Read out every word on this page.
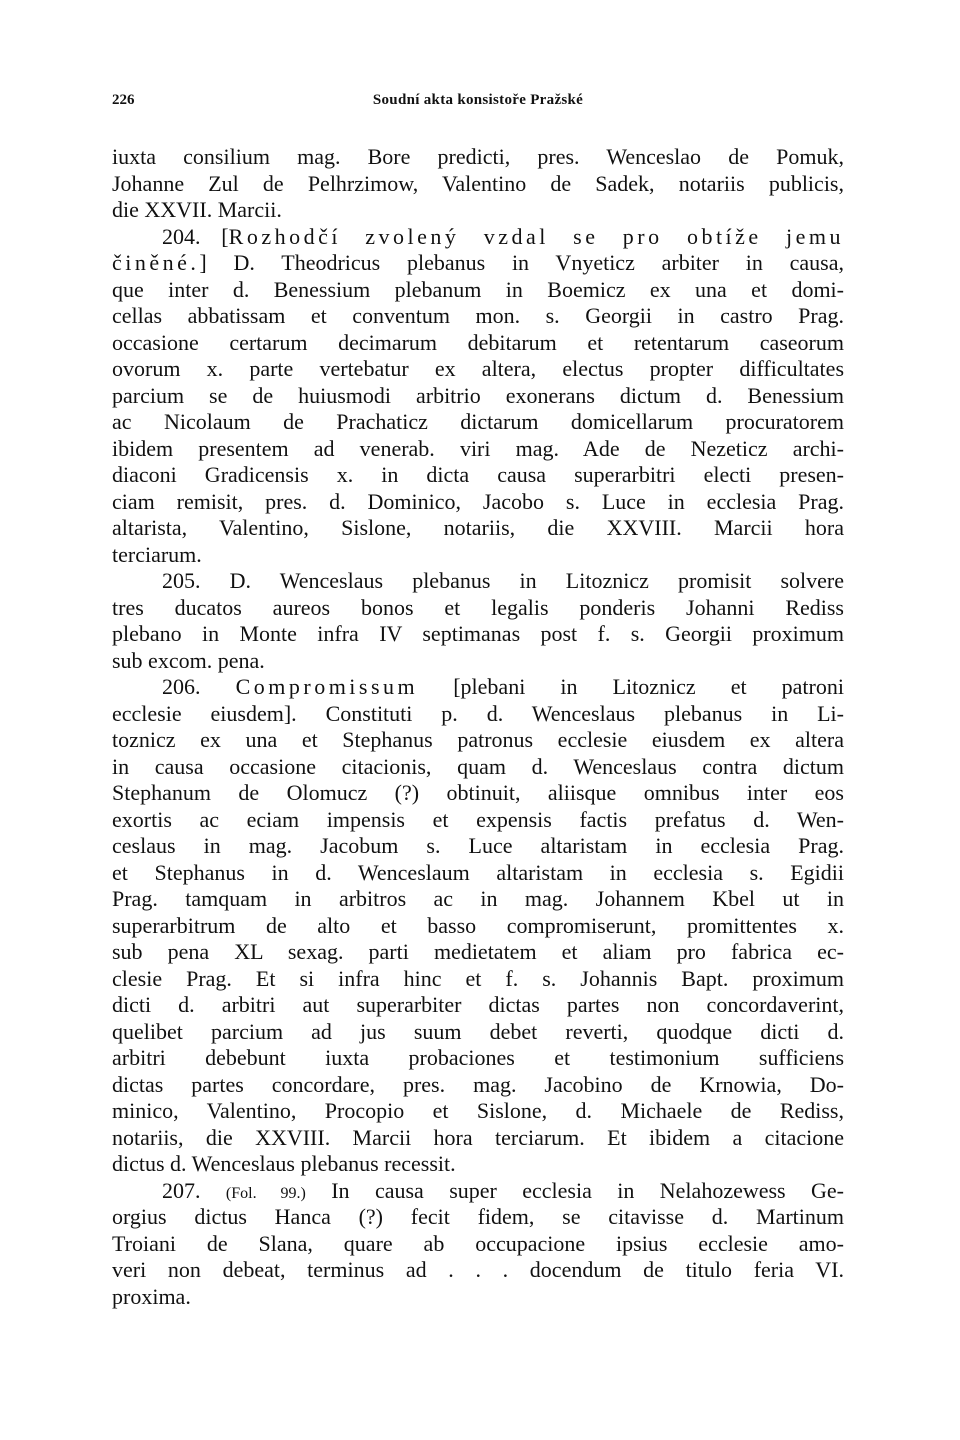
226	Soudní akta konsistoře Pražské
iuxta consilium mag. Bore predicti, pres. Wenceslao de Pomuk,
Johanne Zul de Pelhrzimow, Valentino de Sadek, notariis publicis,
die XXVII. Marcii.
204. [Rozhodčí zvolený vzdal se pro obtíže jemu
činěné.] D. Theodricus plebanus in Vnyeticz arbiter in causa,
que inter d. Benessium plebanum in Boemicz ex una et domi-
cellas abbatissam et conventum mon. s. Georgii in castro Prag.
occasione certarum decimarum debitarum et retentarum caseorum
ovorum x. parte vertebatur ex altera, electus propter difficultates
parcium se de huiusmodi arbitrio exonerans dictum d. Benessium
ac Nicolaum de Prachaticz dictarum domicellarum procuratorem
ibidem presentem ad venerab. viri mag. Ade de Nezeticz archi-
diaconi Gradicensis x. in dicta causa superarbitri electi presen-
ciam remisit, pres. d. Dominico, Jacobo s. Luce in ecclesia Prag.
altarista, Valentino, Sislone, notariis, die XXVIII. Marcii hora
terciarum.
205. D. Wenceslaus plebanus in Litoznicz promisit solvere
tres ducatos aureos bonos et legalis ponderis Johanni Rediss
plebano in Monte infra IV septimanas post f. s. Georgii proximum
sub excom. pena.
206. Compromissum [plebani in Litoznicz et patroni
ecclesie eiusdem]. Constituti p. d. Wenceslaus plebanus in Li-
toznicz ex una et Stephanus patronus ecclesie eiusdem ex altera
in causa occasione citacionis, quam d. Wenceslaus contra dictum
Stephanum de Olomucz (?) obtinuit, aliisque omnibus inter eos
exortis ac eciam impensis et expensis factis prefatus d. Wen-
ceslaus in mag. Jacobum s. Luce altaristam in ecclesia Prag.
et Stephanus in d. Wenceslaum altaristam in ecclesia s. Egidii
Prag. tamquam in arbitros ac in mag. Johannem Kbel ut in
superarbitrum de alto et basso compromiserunt, promittentes x.
sub pena XL sexag. parti medietatem et aliam pro fabrica ec-
clesie Prag. Et si infra hinc et f. s. Johannis Bapt. proximum
dicti d. arbitri aut superarbiter dictas partes non concordaverint,
quelibet parcium ad jus suum debet reverti, quodque dicti d.
arbitri debebunt iuxta probaciones et testimonium sufficiens
dictas partes concordare, pres. mag. Jacobino de Krnowia, Do-
minico, Valentino, Procopio et Sislone, d. Michaele de Rediss,
notariis, die XXVIII. Marcii hora terciarum. Et ibidem a citacione
dictus d. Wenceslaus plebanus recessit.
207. (Fol. 99.) In causa super ecclesia in Nelahozewess Ge-
orgius dictus Hanca (?) fecit fidem, se citavisse d. Martinum
Troiani de Slana, quare ab occupacione ipsius ecclesie amo-
veri non debeat, terminus ad . . . docendum de titulo feria VI.
proxima.
